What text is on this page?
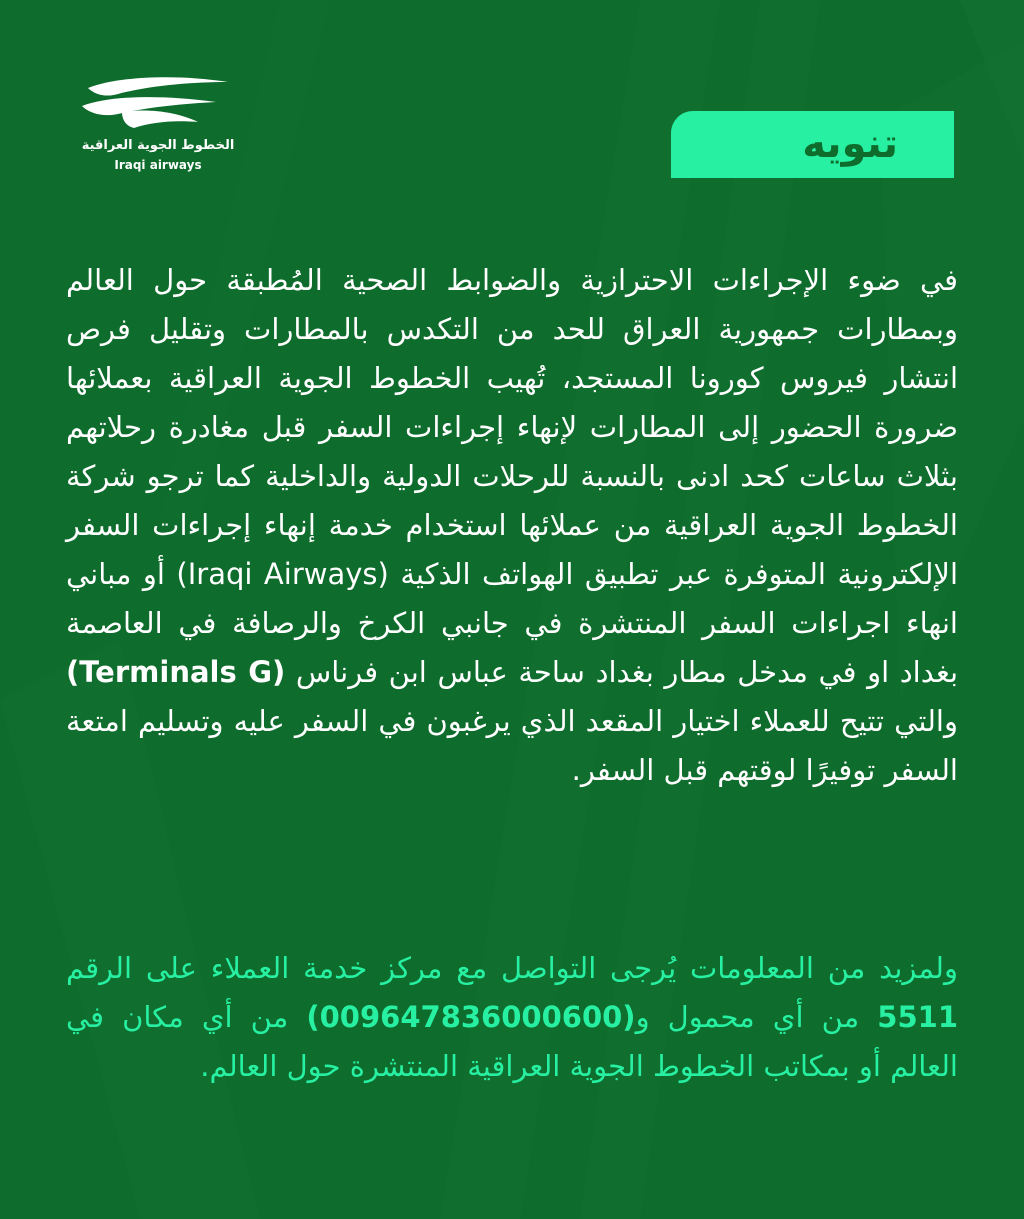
الخطوط الجوية العراقية
Iraqi airways	تنويه

في ضوء الإجراءات الاحترازية والضوابط الصحية المُطبقة حول العالم وبمطارات جمهورية العراق للحد من التكدس بالمطارات وتقليل فرص انتشار فيروس كورونا المستجد، تُهيب الخطوط الجوية العراقية بعملائها ضرورة الحضور إلى المطارات لإنهاء إجراءات السفر قبل مغادرة رحلاتهم بثلاث ساعات كحد ادنى بالنسبة للرحلات الدولية والداخلية كما ترجو شركة الخطوط الجوية العراقية من عملائها استخدام خدمة إنهاء إجراءات السفر الإلكترونية المتوفرة عبر تطبيق الهواتف الذكية (Iraqi Airways) أو مباني انهاء اجراءات السفر المنتشرة في جانبي الكرخ والرصافة في العاصمة بغداد او في مدخل مطار بغداد ساحة عباس ابن فرناس (Terminals G) والتي تتيح للعملاء اختيار المقعد الذي يرغبون في السفر عليه وتسليم امتعة السفر توفيرًا لوقتهم قبل السفر.

ولمزيد من المعلومات يُرجى التواصل مع مركز خدمة العملاء على الرقم 5511 من أي محمول و(009647836000600) من أي مكان في العالم أو بمكاتب الخطوط الجوية العراقية المنتشرة حول العالم.
